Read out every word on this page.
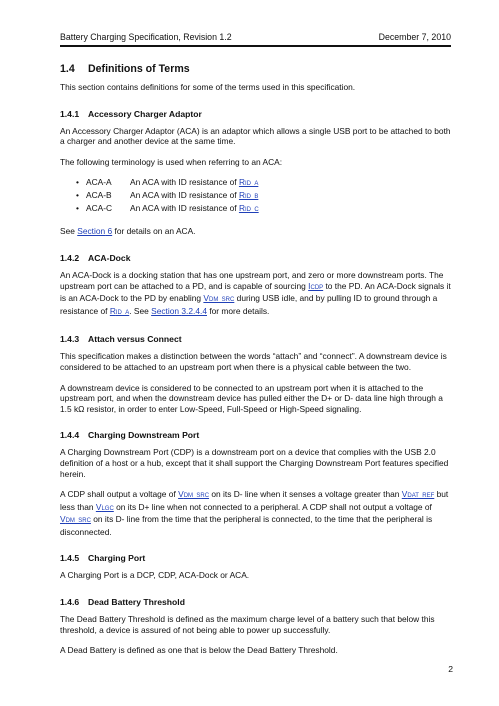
Battery Charging Specification, Revision 1.2	December 7, 2010
1.4 Definitions of Terms

This section contains definitions for some of the terms used in this specification.

1.4.1 Accessory Charger Adaptor

An Accessory Charger Adaptor (ACA) is an adaptor which allows a single USB port to be attached to both a charger and another device at the same time.

The following terminology is used when referring to an ACA:

• ACA-A	An ACA with ID resistance of RID_A
• ACA-B	An ACA with ID resistance of RID_B
• ACA-C	An ACA with ID resistance of RID_C

See Section 6 for details on an ACA.

1.4.2 ACA-Dock

An ACA-Dock is a docking station that has one upstream port, and zero or more downstream ports. The upstream port can be attached to a PD, and is capable of sourcing ICDP to the PD. An ACA-Dock signals it is an ACA-Dock to the PD by enabling VDM_SRC during USB idle, and by pulling ID to ground through a resistance of RID_A. See Section 3.2.4.4 for more details.

1.4.3 Attach versus Connect

This specification makes a distinction between the words “attach” and “connect”. A downstream device is considered to be attached to an upstream port when there is a physical cable between the two.

A downstream device is considered to be connected to an upstream port when it is attached to the upstream port, and when the downstream device has pulled either the D+ or D- data line high through a 1.5 kΩ resistor, in order to enter Low-Speed, Full-Speed or High-Speed signaling.

1.4.4 Charging Downstream Port

A Charging Downstream Port (CDP) is a downstream port on a device that complies with the USB 2.0 definition of a host or a hub, except that it shall support the Charging Downstream Port features specified herein.

A CDP shall output a voltage of VDM_SRC on its D- line when it senses a voltage greater than VDAT_REF but less than VLGC on its D+ line when not connected to a peripheral. A CDP shall not output a voltage of VDM_SRC on its D- line from the time that the peripheral is connected, to the time that the peripheral is disconnected.

1.4.5 Charging Port

A Charging Port is a DCP, CDP, ACA-Dock or ACA.

1.4.6 Dead Battery Threshold

The Dead Battery Threshold is defined as the maximum charge level of a battery such that below this threshold, a device is assured of not being able to power up successfully.

A Dead Battery is defined as one that is below the Dead Battery Threshold.

2
